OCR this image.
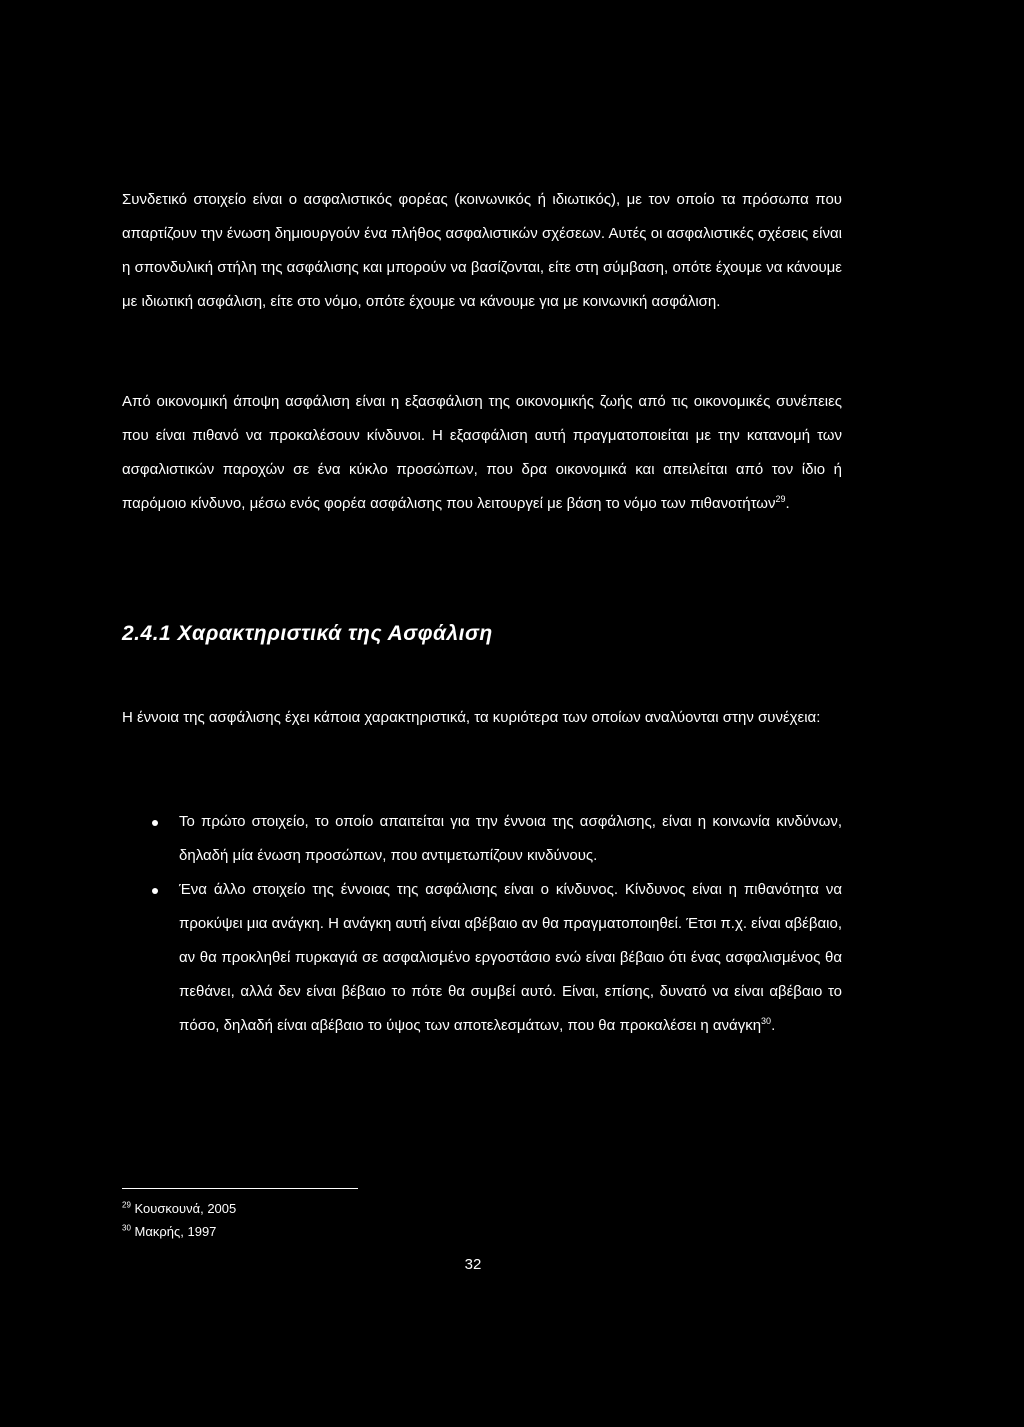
Συνδετικό στοιχείο είναι ο ασφαλιστικός φορέας (κοινωνικός ή ιδιωτικός), με τον οποίο τα πρόσωπα που απαρτίζουν την ένωση δημιουργούν ένα πλήθος ασφαλιστικών σχέσεων. Αυτές οι ασφαλιστικές σχέσεις είναι η σπονδυλική στήλη της ασφάλισης και μπορούν να βασίζονται, είτε στη σύμβαση, οπότε έχουμε να κάνουμε με ιδιωτική ασφάλιση, είτε στο νόμο, οπότε έχουμε να κάνουμε για με κοινωνική ασφάλιση.

Από οικονομική άποψη ασφάλιση είναι η εξασφάλιση της οικονομικής ζωής από τις οικονομικές συνέπειες που είναι πιθανό να προκαλέσουν κίνδυνοι. Η εξασφάλιση αυτή πραγματοποιείται με την κατανομή των ασφαλιστικών παροχών σε ένα κύκλο προσώπων, που δρα οικονομικά και απειλείται από τον ίδιο ή παρόμοιο κίνδυνο, μέσω ενός φορέα ασφάλισης που λειτουργεί με βάση το νόμο των πιθανοτήτων$^{29}$.

2.4.1 Χαρακτηριστικά της Ασφάλιση

Η έννοια της ασφάλισης έχει κάποια χαρακτηριστικά, τα κυριότερα των οποίων αναλύονται στην συνέχεια:

Το πρώτο στοιχείο, το οποίο απαιτείται για την έννοια της ασφάλισης, είναι η κοινωνία κινδύνων, δηλαδή μία ένωση προσώπων, που αντιμετωπίζουν κινδύνους.
Ένα άλλο στοιχείο της έννοιας της ασφάλισης είναι ο κίνδυνος. Κίνδυνος είναι η πιθανότητα να προκύψει μια ανάγκη. Η ανάγκη αυτή είναι αβέβαιο αν θα πραγματοποιηθεί. Έτσι π.χ. είναι αβέβαιο, αν θα προκληθεί πυρκαγιά σε ασφαλισμένο εργοστάσιο ενώ είναι βέβαιο ότι ένας ασφαλισμένος θα πεθάνει, αλλά δεν είναι βέβαιο το πότε θα συμβεί αυτό. Είναι, επίσης, δυνατό να είναι αβέβαιο το πόσο, δηλαδή είναι αβέβαιο το ύψος των αποτελεσμάτων, που θα προκαλέσει η ανάγκη$^{30}$.
$^{29}$ Κουσκουνά, 2005
$^{30}$ Μακρής, 1997
32
